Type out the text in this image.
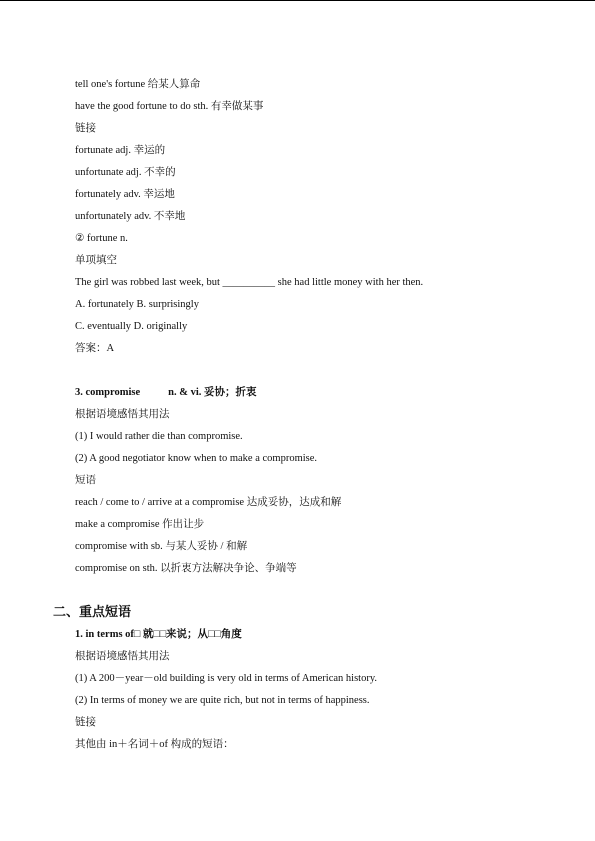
tell one's fortune 给某人算命

have the good fortune to do sth. 有幸做某事

链接

fortunate adj. 幸运的

unfortunate adj. 不幸的

fortunately adv. 幸运地

unfortunately adv. 不幸地

② fortune n.

单项填空

The girl was robbed last week, but __________ she had little money with her then.

A. fortunately B. surprisingly

C. eventually D. originally

答案：A

3. compromise	n. & vi. 妥协；折衷

根据语境感悟其用法

(1) I would rather die than compromise.

(2) A good negotiator know when to make a compromise.

短语

reach / come to / arrive at a compromise 达成妥协，达成和解

make a compromise 作出让步

compromise with sb. 与某人妥协 / 和解

compromise on sth. 以折衷方法解决争论、争端等

二、重点短语

1. in terms of□ 就□□来说；从□□角度

根据语境感悟其用法

(1) A 200－year－old building is very old in terms of American history.

(2) In terms of money we are quite rich, but not in terms of happiness.

链接

其他由 in＋名词＋of 构成的短语：
